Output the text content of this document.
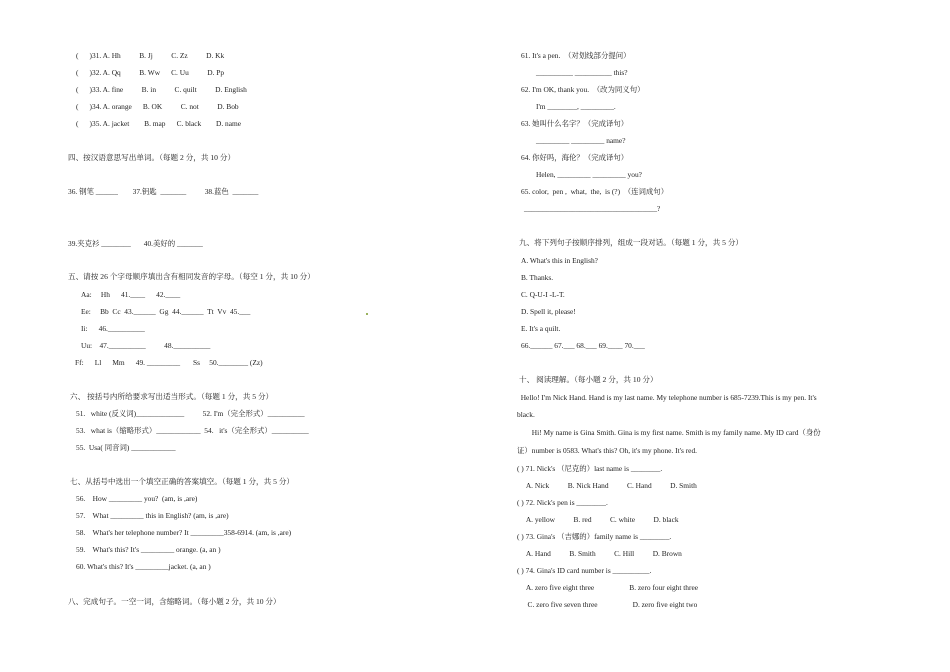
(      )31. A. Hh          B. Jj          C. Zz          D. Kk
(      )32. A. Qq          B. Ww      C. Uu          D. Pp
(      )33. A. fine          B. in          C. quilt          D. English
(      )34. A. orange      B. OK          C. not          D. Bob
(      )35. A. jacket        B. map      C. black        D. name
四、按汉语意思写出单词。（每题 2 分，共 10 分）
36. 钢笔 ______        37.钥匙  _______          38.蓝色  _______
39.夹克衫 ________       40.美好的 _______
五、请按 26 个字母顺序填出含有相同发音的字母。（每空 1 分，共 10 分）
Aa:     Hh      41.____      42.____
Ee:     Bb  Cc  43.______  Gg  44.______  Tt  Vv  45.___
Ii:      46.__________
Uu:    47.__________          48.__________
Ff:      Ll      Mm      49. _________       Ss     50.________ (Zz)
六、 按括号内所给要求写出适当形式。（每题 1 分，共 5 分）
51.   white (反义词)_____________          52. I'm（完全形式）__________
53.   what is（缩略形式）____________  54.   it's（完全形式）__________
55.  Usa( 同音词) ____________
七、从括号中选出一个填空正确的答案填空。（每题 1 分，共 5 分）
56.    How _________ you?  (am, is ,are)
57.    What _________ this in English? (am, is ,are)
58.    What's her telephone number? It _________358-6914. (am, is ,are)
59.    What's this? It's _________ orange. (a, an )
60. What's this? It's _________jacket. (a, an )
八、完成句子。一空一词，含缩略词。（每小题 2 分，共 10 分）
61. It's a pen.  （对划线部分提问）
__________ __________ this?
62. I'm OK, thank you.  （改为同义句）
I'm ________, _________.
63. 她叫什么名字？（完成译句）
_________ _________ name?
64. 你好吗，海伦？（完成译句）
Helen, _________ _________ you?
65. color,  pen ,  what,  the,  is (?)  （连词成句）
____________________________________?
九、将下列句子按顺序排列，组成一段对话。（每题 1 分，共 5 分）
A. What's this in English?
B. Thanks.
C. Q-U-I -L-T.
D. Spell it, please!
E. It's a quilt.
66.______ 67.___ 68.___ 69.____ 70.___
十、 阅读理解。（每小题 2 分，共 10 分）
Hello! I'm Nick Hand. Hand is my last name. My telephone number is 685-7239.This is my pen. It's
black.
Hi! My name is Gina Smith. Gina is my first name. Smith is my family name. My ID card（身份
证）number is 0583. What's this? Oh, it's my phone. It's red.
( ) 71. Nick's （尼克的）last name is ________.
A. Nick          B. Nick Hand          C. Hand          D. Smith
( ) 72. Nick's pen is ________.
A. yellow          B. red          C. white          D. black
( ) 73. Gina's （吉娜的）family name is ________.
A. Hand          B. Smith          C. Hill          D. Brown
( ) 74. Gina's ID card number is __________.
A. zero five eight three                   B. zero four eight three
C. zero five seven three                   D. zero five eight two
